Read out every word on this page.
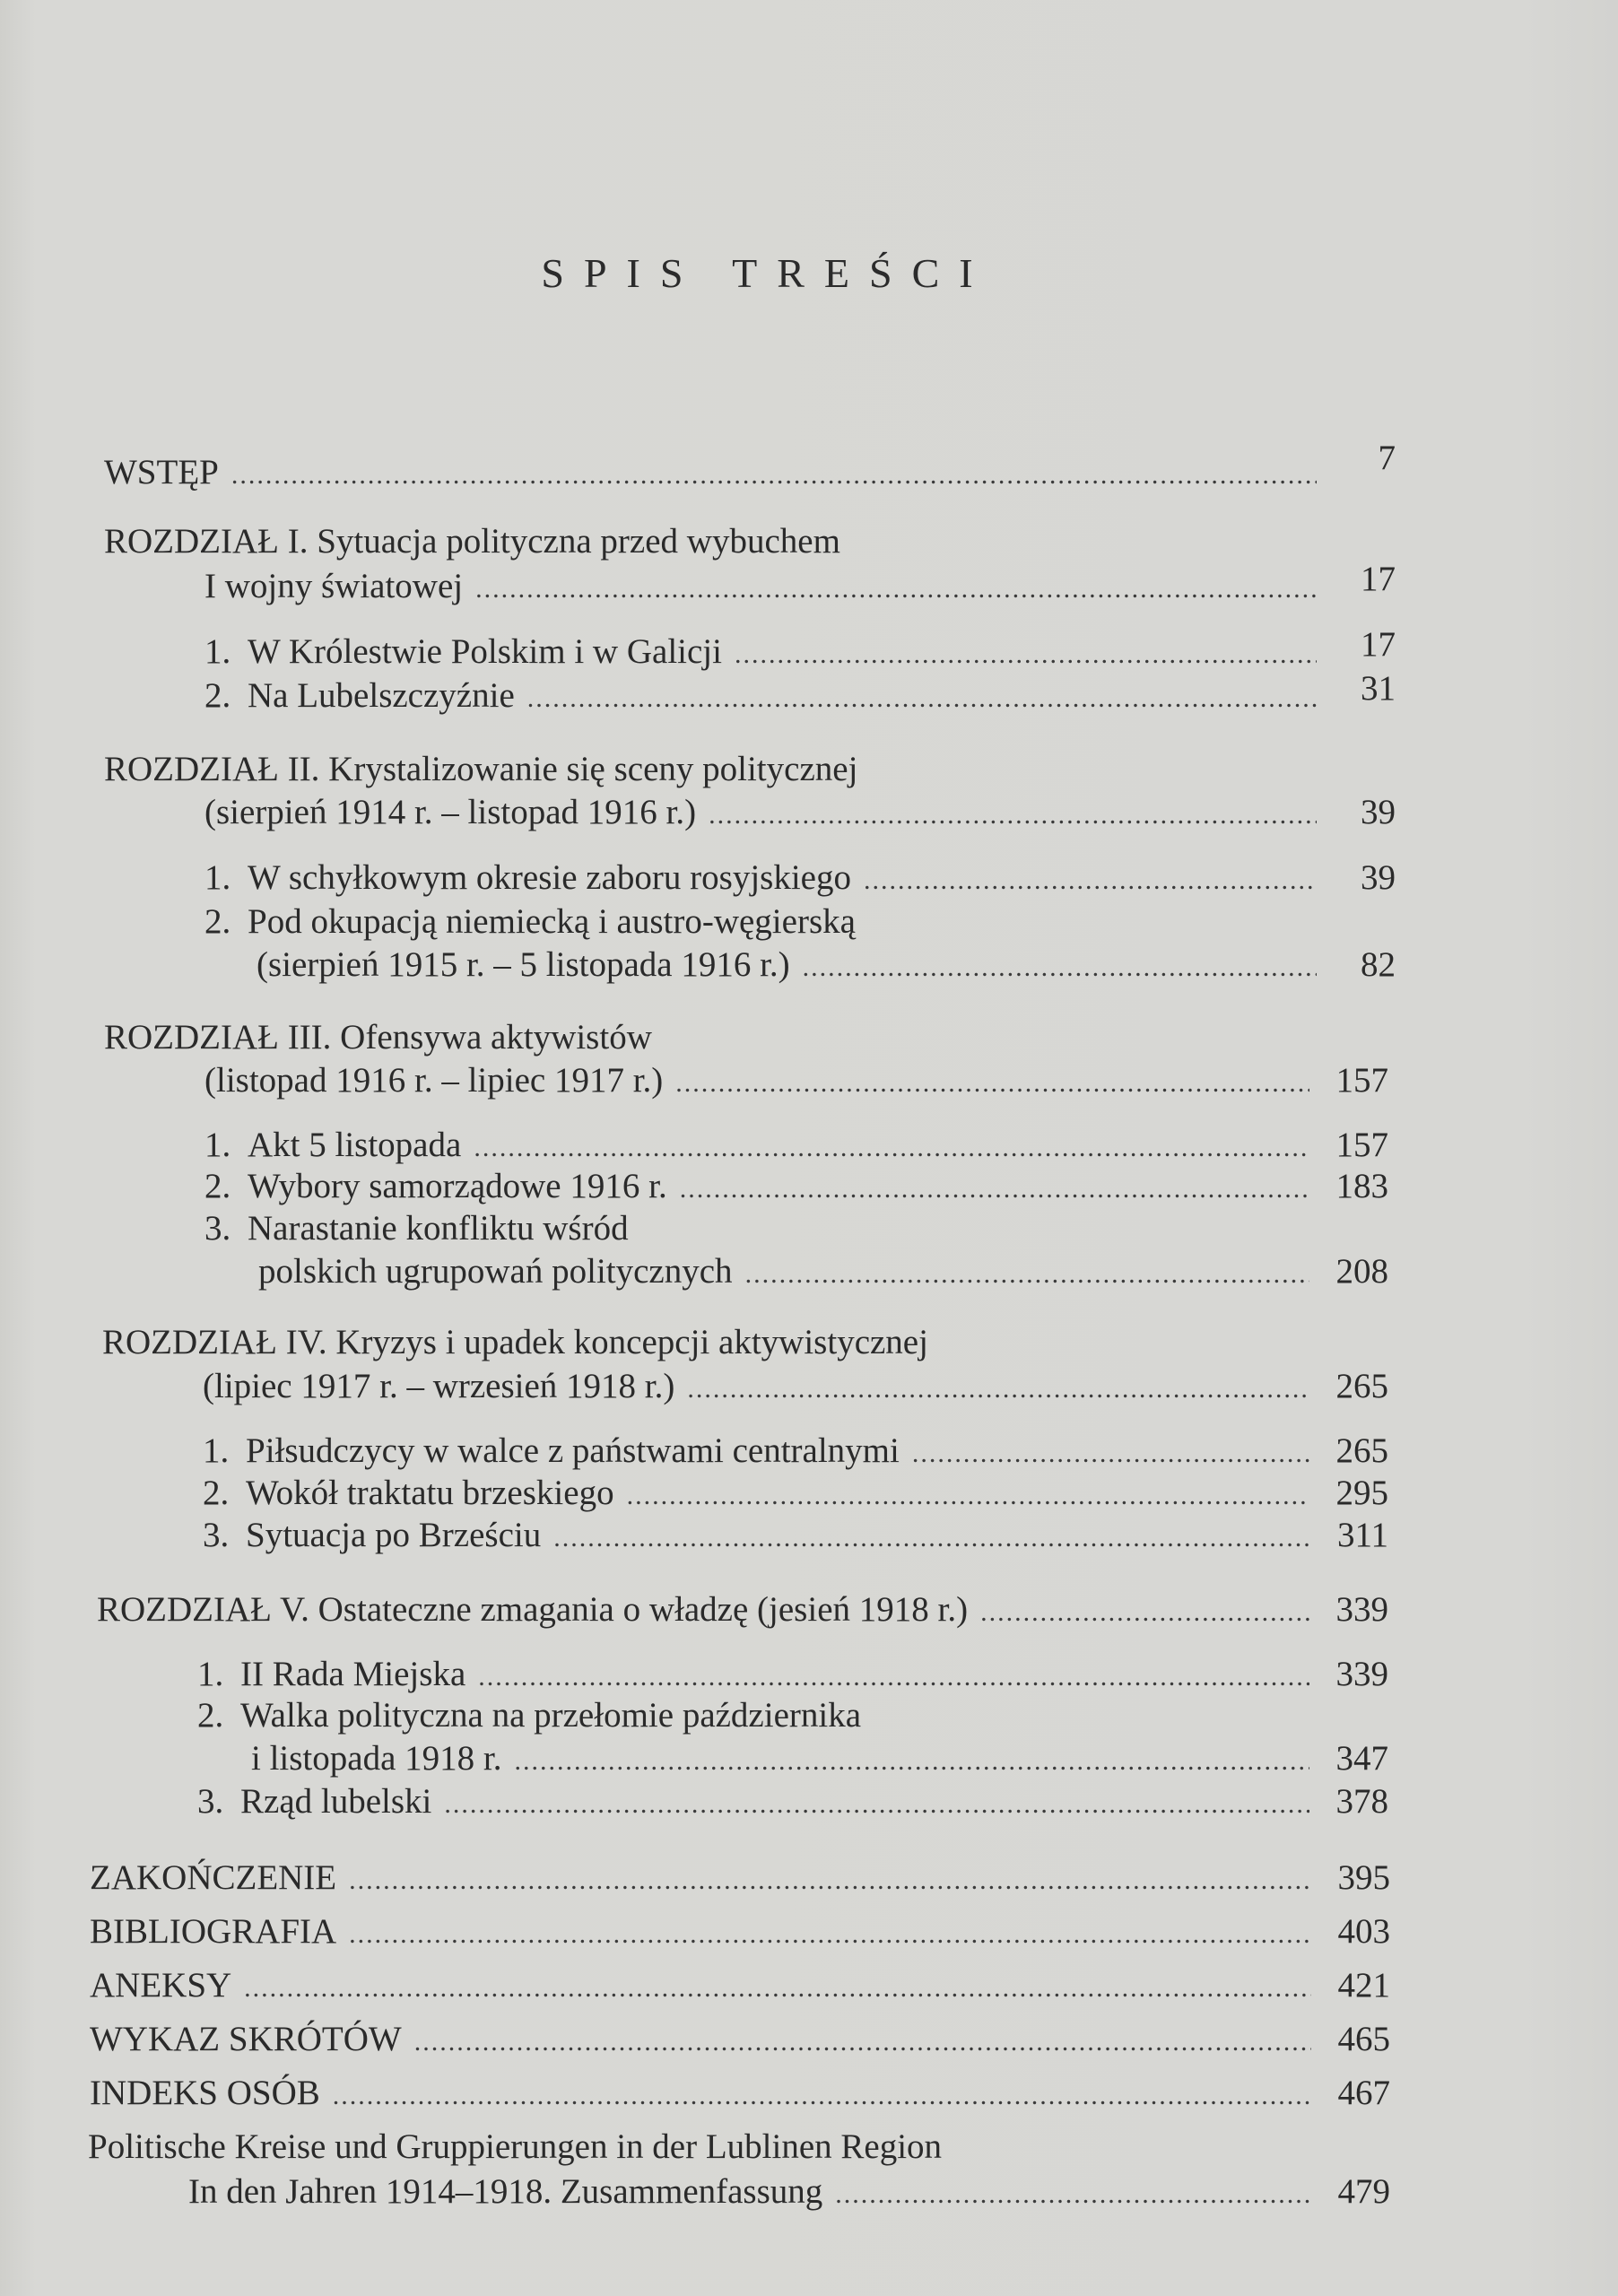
SPIS TREŚCI
WSTĘP .....	7
ROZDZIAŁ I. Sytuacja polityczna przed wybuchem
I wojny światowej .....	17
1. W Królestwie Polskim i w Galicji .....	17
2. Na Lubelszczyźnie .....	31
ROZDZIAŁ II. Krystalizowanie się sceny politycznej
(sierpień 1914 r. – listopad 1916 r.) .....	39
1. W schyłkowym okresie zaboru rosyjskiego .....	39
2. Pod okupacją niemiecką i austro-węgierską
(sierpień 1915 r. – 5 listopada 1916 r.) .....	82
ROZDZIAŁ III. Ofensywa aktywistów
(listopad 1916 r. – lipiec 1917 r.) .....	157
1. Akt 5 listopada .....	157
2. Wybory samorządowe 1916 r. .....	183
3. Narastanie konfliktu wśród
polskich ugrupowań politycznych .....	208
ROZDZIAŁ IV. Kryzys i upadek koncepcji aktywistycznej
(lipiec 1917 r. – wrzesień 1918 r.) .....	265
1. Piłsudczycy w walce z państwami centralnymi .....	265
2. Wokół traktatu brzeskiego .....	295
3. Sytuacja po Brześciu .....	311
ROZDZIAŁ V. Ostateczne zmagania o władzę (jesień 1918 r.) .....	339
1. II Rada Miejska .....	339
2. Walka polityczna na przełomie października
i listopada 1918 r. .....	347
3. Rząd lubelski .....	378
ZAKOŃCZENIE .....	395
BIBLIOGRAFIA .....	403
ANEKSY .....	421
WYKAZ SKRÓTÓW .....	465
INDEKS OSÓB .....	467
Politische Kreise und Gruppierungen in der Lublinen Region
In den Jahren 1914–1918. Zusammenfassung .....	479
